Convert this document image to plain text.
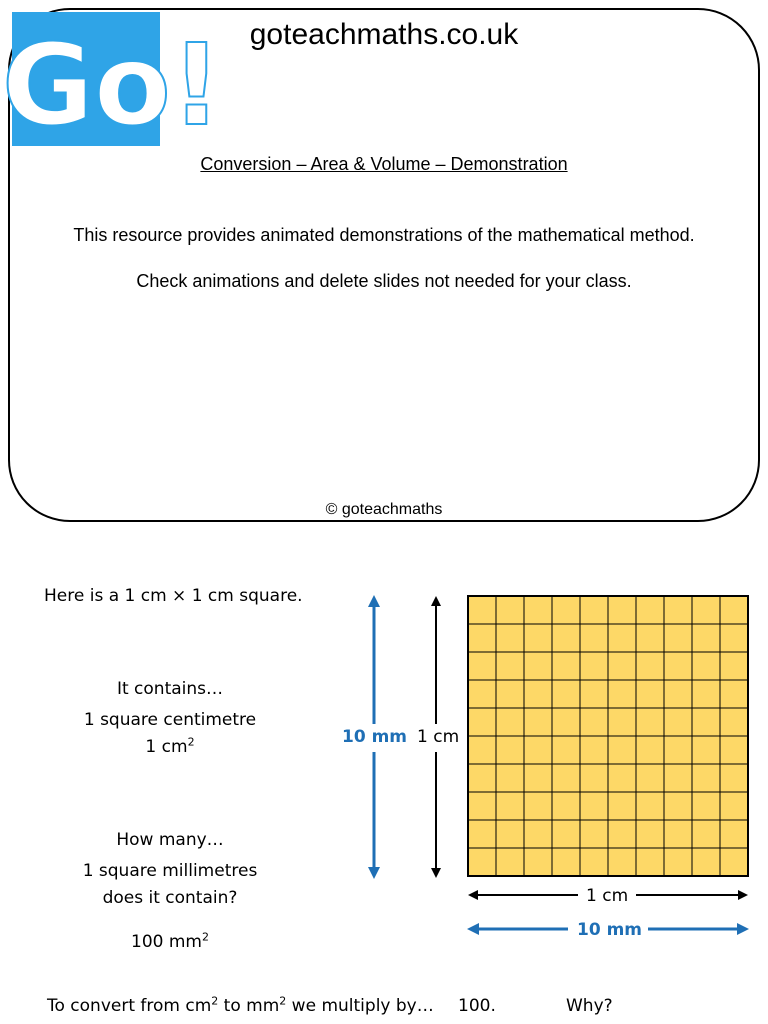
Go! goteachmaths.co.uk
Conversion – Area & Volume – Demonstration
This resource provides animated demonstrations of the mathematical method.
Check animations and delete slides not needed for your class.
© goteachmaths
Here is a 1 cm × 1 cm square.
It contains…
1 square centimetre
1 $cm^2$
How many…
1 square millimetres
does it contain?
100 $mm^2$
10 mm 1 cm
1 cm
10 mm
To convert from $cm^2$ to $mm^2$ we multiply by… 100.	Why?
